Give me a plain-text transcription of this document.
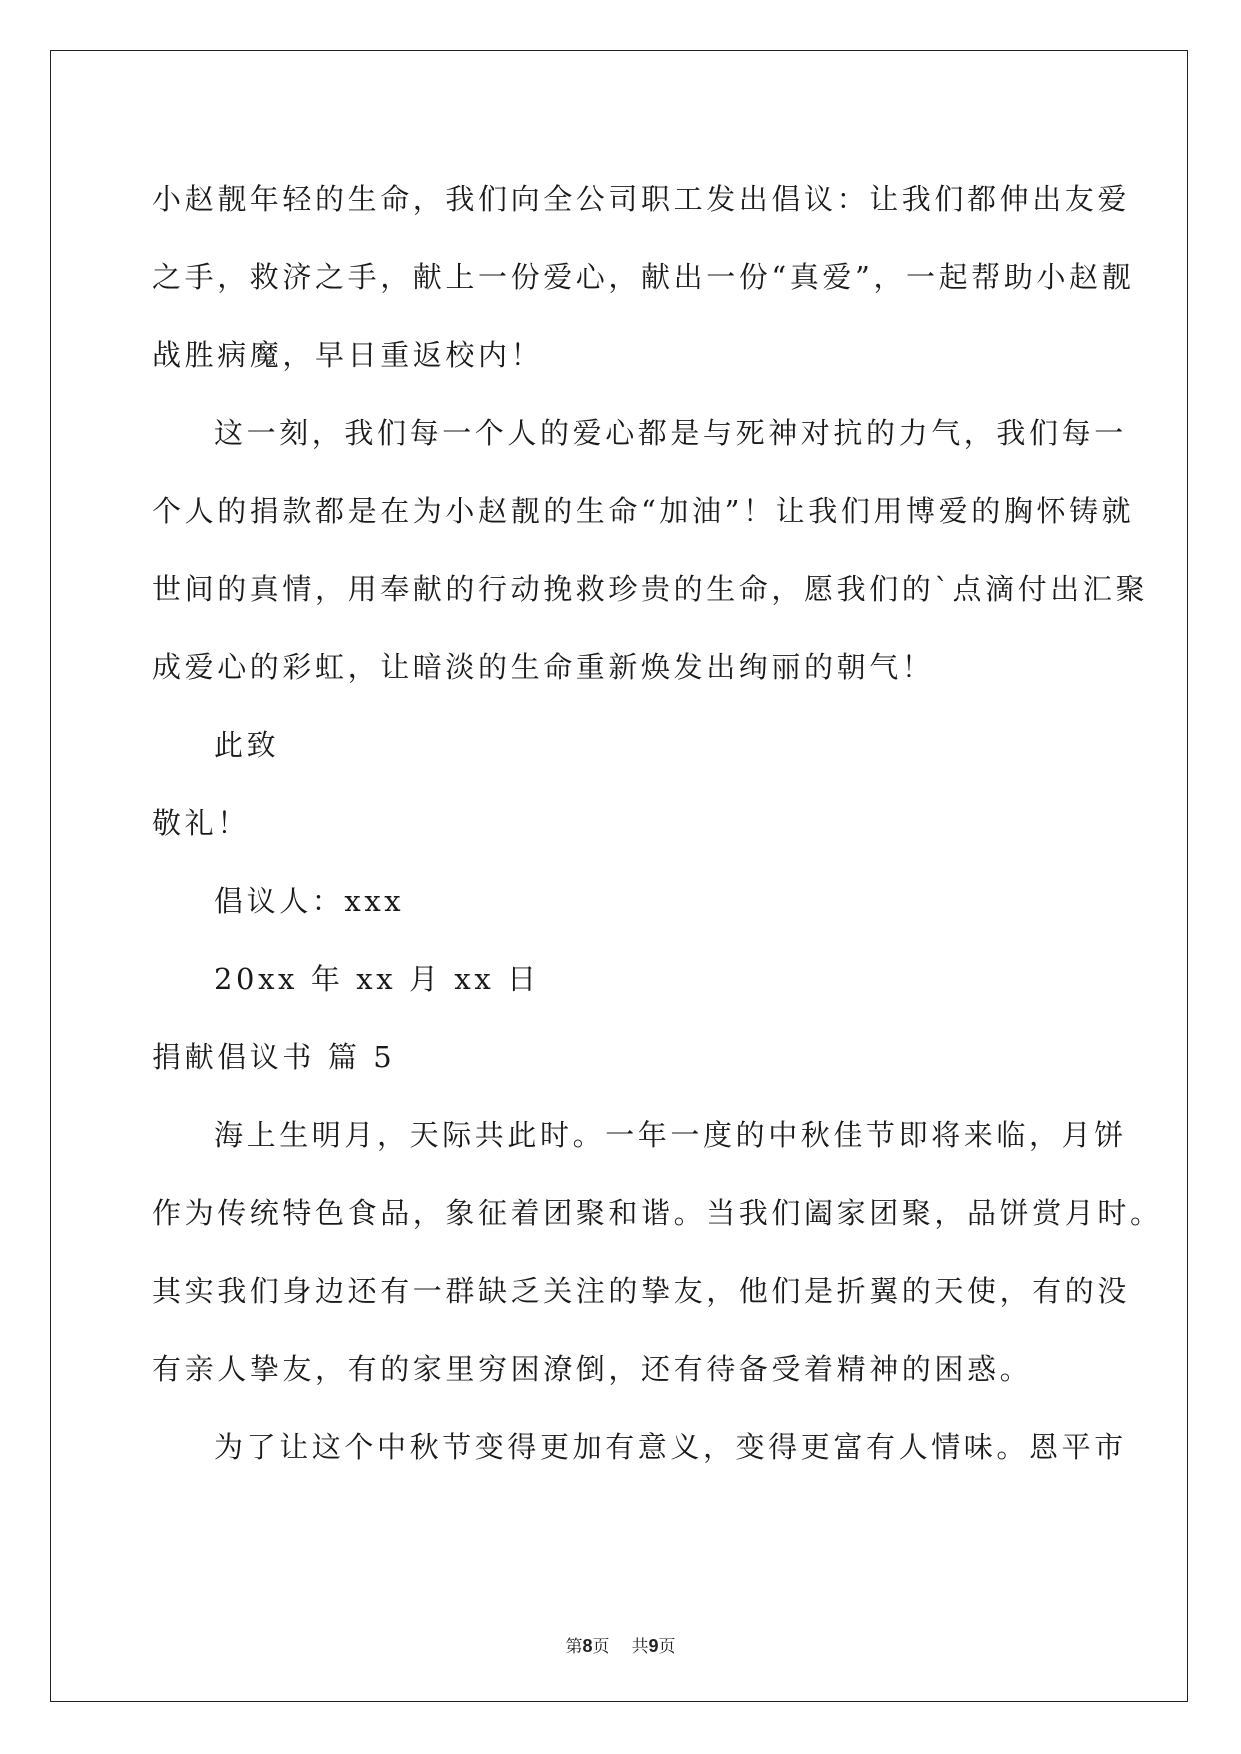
小赵靓年轻的生命，我们向全公司职工发出倡议：让我们都伸出友爱
之手，救济之手，献上一份爱心，献出一份“真爱”，一起帮助小赵靓
战胜病魔，早日重返校内！
这一刻，我们每一个人的爱心都是与死神对抗的力气，我们每一
个人的捐款都是在为小赵靓的生命“加油”！让我们用博爱的胸怀铸就
世间的真情，用奉献的行动挽救珍贵的生命，愿我们的`点滴付出汇聚
成爱心的彩虹，让暗淡的生命重新焕发出绚丽的朝气！
此致
敬礼！
倡议人：xxx
20xx 年 xx 月 xx 日
捐献倡议书 篇 5
海上生明月，天际共此时。一年一度的中秋佳节即将来临，月饼
作为传统特色食品，象征着团聚和谐。当我们阖家团聚，品饼赏月时。
其实我们身边还有一群缺乏关注的挚友，他们是折翼的天使，有的没
有亲人挚友，有的家里穷困潦倒，还有待备受着精神的困惑。
为了让这个中秋节变得更加有意义，变得更富有人情味。恩平市
第8页 共9页
